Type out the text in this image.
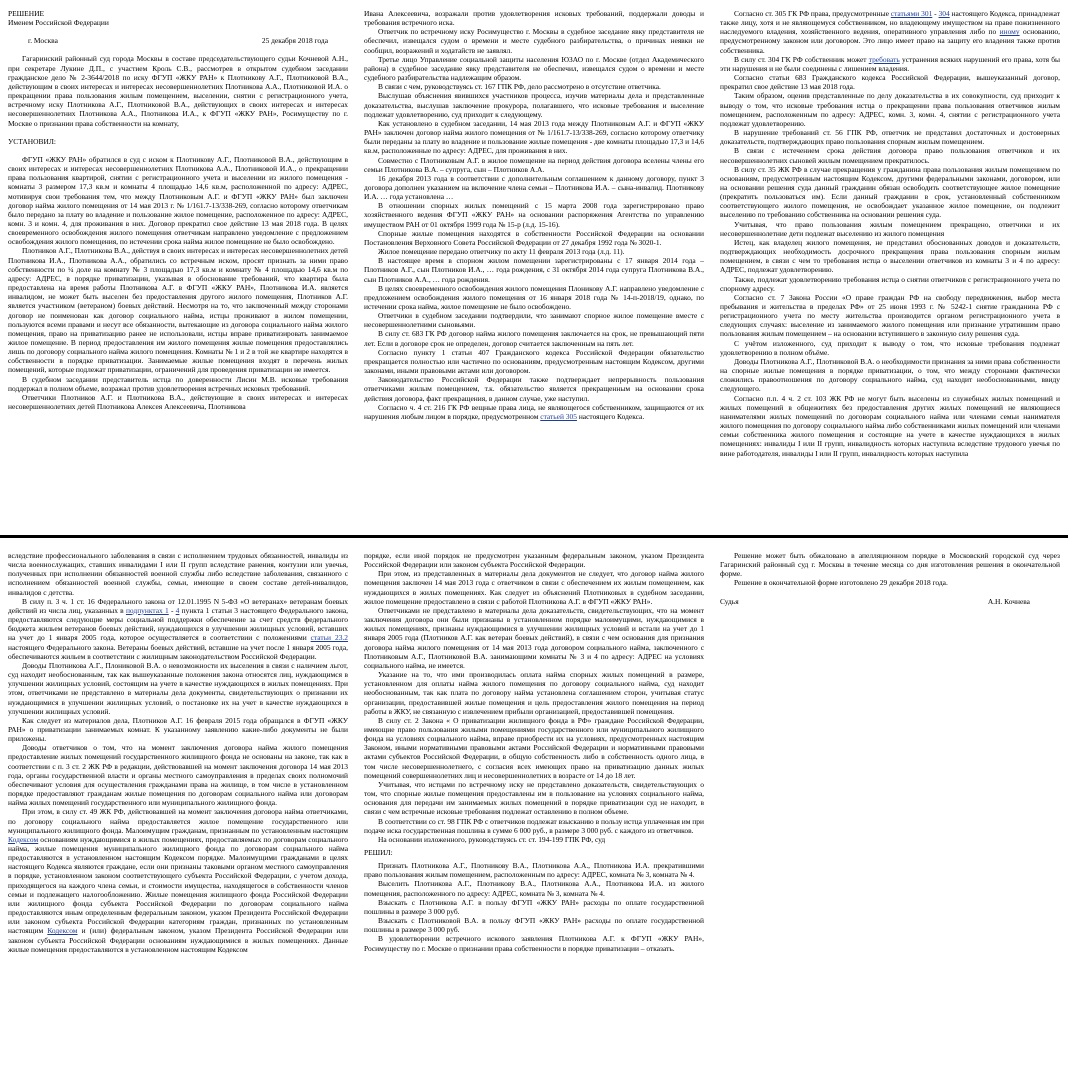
РЕШЕНИЕ

Именем Российской Федерации

г. Москва	25 декабря 2018 года

Гагаринский районный суд города Москвы в составе председательствующего судьи Кочневой А.Н., при секретаре Лукине Д.П., с участием Кроль С.В., рассмотрев в открытом судебном заседании гражданское дело № 2-3644/2018 по иску ФГУП «ЖКУ РАН» к Плотникову А.Г., Плотниковой В.А., действующим в своих интересах и интересах несовершеннолетних Плотникова А.А., Плотниковой И.А. о прекращении права пользования жилым помещением, выселении, снятии с регистрационного учета, встречному иску Плотникова А.Г., Плотниковой В.А., действующих в своих интересах и интересах несовершеннолетних Плотникова А.А., Плотникова И.А., к ФГУП «ЖКУ РАН», Росимуществу по г. Москве о признании права собственности на комнату,

УСТАНОВИЛ:

ФГУП «ЖКУ РАН» обратился в суд с иском к Плотникову А.Г., Плотниковой В.А., действующим в своих интересах и интересах несовершеннолетних Плотникова А.А., Плотниковой И.А., о прекращении права пользования квартирой, снятии с регистрационного учета и выселении из жилого помещения - комнаты 3 размером 17,3 кв.м и комнаты 4 площадью 14,6 кв.м, расположенной по адресу: АДРЕС, мотивируя свои требования тем, что между Плотниковым А.Г. и ФГУП «ЖКУ РАН» был заключен договор найма жилого помещения от 14 мая 2013 г. № 1/161.7-13/338-269, согласно которому ответчикам было передано за плату во владение и пользование жилое помещение, расположенное по адресу: АДРЕС, комн. 3 и комн. 4, для проживания в них. Договор прекратил свое действие 13 мая 2018 года. В целях своевременного освобождения жилого помещения ответчикам направлено уведомление с предложением освобождения жилого помещения, по истечении срока найма жилое помещение не было освобождено.

Плотников А.Г., Плотникова В.А., действуя в своих интересах и интересах несовершеннолетних детей Плотникова И.А., Плотникова А.А., обратились со встречным иском, просят признать за ними право собственности по ¼ доле на комнату № 3 площадью 17,3 кв.м и комнату № 4 площадью 14,6 кв.м по адресу: АДРЕС, в порядке приватизации, указывая в обоснование требований, что квартира была предоставлена на время работы Плотникова А.Г. в ФГУП «ЖКУ РАН», Плотникова И.А. является инвалидом, не может быть выселен без предоставления другого жилого помещения, Плотников А.Г. является участником (ветераном) боевых действий. Несмотря на то, что заключенный между сторонами договор не поименован как договор социального найма, истцы проживают в жилом помещении, пользуются всеми правами и несут все обязанности, вытекающие из договора социального найма жилого помещения, право на приватизацию ранее не использовали, истцы вправе приватизировать занимаемое жилое помещение. В период предоставления им жилого помещения жилые помещения предоставлялись лишь по договору социального найма жилого помещения. Комнаты № 1 и 2 в той же квартире находятся в собственности в порядке приватизации. Занимаемые жилые помещения входят в перечень жилых помещений, которые подлежат приватизации, ограничений для проведения приватизации не имеется.

В судебном заседании представитель истца по доверенности Лисин М.В. исковые требования поддержал в полном объеме, возражал против удовлетворения встречных исковых требований.

Ответчики Плотников А.Г. и Плотникова В.А., действующие в своих интересах и интересах несовершеннолетних детей Плотникова Алексея Алексеевича, Плотникова

Ивана Алексеевича, возражали против удовлетворения исковых требований, поддержали доводы и требования встречного иска.

Ответчик по встречному иску Росимущество г. Москвы в судебное заседание явку представителя не обеспечил, извещался судом о времени и месте судебного разбирательства, о причинах неявки не сообщил, возражений и ходатайств не заявлял.

Третье лицо Управление социальной защиты населения ЮЗАО по г. Москве (отдел Академического района) в судебное заседание явку представителя не обеспечил, извещался судом о времени и месте судебного разбирательства надлежащим образом.

В связи с чем, руководствуясь ст. 167 ГПК РФ, дело рассмотрено в отсутствие ответчика.

Выслушав объяснения явившихся участников процесса, изучив материалы дела и представленные доказательства, выслушав заключение прокурора, полагавшего, что исковые требования и выселение подлежат удовлетворению, суд приходит к следующему.

Как установлено в судебном заседании, 14 мая 2013 года между Плотниковым А.Г. и ФГУП «ЖКУ РАН» заключен договор найма жилого помещения от № 1/161.7-13/338-269, согласно которому ответчику были переданы за плату во владение и пользование жилые помещения - две комнаты площадью 17,3 и 14,6 кв.м, расположенные по адресу: АДРЕС, для проживания в них.

Совместно с Плотниковым А.Г. в жилое помещение на период действия договора вселены члены его семьи Плотникова В.А. – супруга, сын – Плотников А.А.

16 декабря 2013 года в соответствии с дополнительным соглашением к данному договору, пункт 3 договора дополнен указанием на включение члена семьи – Плотникова И.А. – сына-инвалид. Плотникову И.А. … года установлена …

В отношении спорных жилых помещений с 15 марта 2008 года зарегистрировано право хозяйственного ведения ФГУП «ЖКУ РАН» на основании распоряжения Агентства по управлению имуществом РАН от 01 октября 1999 года № 15-р (л.д. 15-16).

Спорные жилые помещения находятся в собственности Российской Федерации на основании Постановления Верховного Совета Российской Федерации от 27 декабря 1992 года № 3020-1.

Жилое помещение передано ответчику по акту 11 февраля 2013 года (л.д. 11).

В настоящее время в спорном жилом помещении зарегистрированы с 17 января 2014 года – Плотников А.Г., сын Плотников И.А., … года рождения, с 31 октября 2014 года супруга Плотникова В.А., сын Плотников А.А., … года рождения.

В целях своевременного освобождения жилого помещения Плоникову А.Г. направлено уведомление с предложением освобождения жилого помещения от 16 января 2018 года № 14-п-2018/19, однако, по истечении срока найма, жилое помещение не было освобождено.

Ответчики в судебном заседании подтвердили, что занимают спорное жилое помещение вместе с несовершеннолетними сыновьями.

В силу ст. 683 ГК РФ договор найма жилого помещения заключается на срок, не превышающий пяти лет. Если в договоре срок не определен, договор считается заключенным на пять лет.

Согласно пункту 1 статьи 407 Гражданского кодекса Российской Федерации обязательство прекращается полностью или частично по основаниям, предусмотренным настоящим Кодексом, другими законами, иными правовыми актами или договором.

Законодательство Российской Федерации также подтверждает непрерывность пользования ответчиками жилым помещением, т.к. обязательство является прекращенным на основании срока действия договора, факт прекращения, в данном случае, уже наступил.

Согласно ч. 4 ст. 216 ГК РФ вещные права лица, не являющегося собственником, защищаются от их нарушения любым лицом в порядке, предусмотренном статьей 305 настоящего Кодекса.

Согласно ст. 305 ГК РФ права, предусмотренные статьями 301 - 304 настоящего Кодекса, принадлежат также лицу, хотя и не являющемуся собственником, но владеющему имуществом на праве пожизненного наследуемого владения, хозяйственного ведения, оперативного управления либо по иному основанию, предусмотренному законом или договором. Это лицо имеет право на защиту его владения также против собственника.

В силу ст. 304 ГК РФ собственник может требовать устранения всяких нарушений его права, хотя бы эти нарушения и не были соединены с лишением владения.

Согласно статьи 683 Гражданского кодекса Российской Федерации, вышеуказанный договор, прекратил свое действие 13 мая 2018 года.

Таким образом, оценив представленные по делу доказательства в их совокупности, суд приходит к выводу о том, что исковые требования истца о прекращении права пользования ответчиков жилым помещением, расположенным по адресу: АДРЕС, комн. 3, комн. 4, снятии с регистрационного учета подлежат удовлетворению.

В нарушение требований ст. 56 ГПК РФ, ответчик не представил достаточных и достоверных доказательств, подтверждающих право пользования спорным жилым помещением.

В связи с истечением срока действия договора право пользования ответчиков и их несовершеннолетних сыновей жилым помещением прекратилось.

В силу ст. 35 ЖК РФ в случае прекращения у гражданина права пользования жилым помещением по основаниям, предусмотренным настоящим Кодексом, другими федеральными законами, договором, или на основании решения суда данный гражданин обязан освободить соответствующее жилое помещение (прекратить пользоваться им). Если данный гражданин в срок, установленный собственником соответствующего жилого помещения, не освобождает указанное жилое помещение, он подлежит выселению по требованию собственника на основании решения суда.

Учитывая, что право пользования жилым помещением прекращено, ответчики и их несовершеннолетние дети подлежат выселению из жилого помещения

Истец, как владелец жилого помещения, не представил обоснованных доводов и доказательств, подтверждающих необходимость досрочного прекращения права пользования спорным жилым помещением, в связи с чем то требования истца о выселении ответчиков из комнаты 3 и 4 по адресу: АДРЕС, подлежат удовлетворению.

Также, подлежат удовлетворению требования истца о снятии ответчиков с регистрационного учета по спорному адресу.

Согласно ст. 7 Закона России «О праве граждан РФ на свободу передвижения, выбор места пребывания и жительства в пределах РФ» от 25 июня 1993 г. № 5242-1 снятие гражданина РФ с регистрационного учета по месту жительства производится органом регистрационного учета в следующих случаях: выселение из занимаемого жилого помещения или признание утратившим право пользования жилым помещением – на основании вступившего в законную силу решения суда.

С учётом изложенного, суд приходит к выводу о том, что исковые требования подлежат удовлетворению в полном объёме.

Доводы Плотникова А.Г., Плотниковой В.А. о необходимости признания за ними права собственности на спорные жилые помещения в порядке приватизации, о том, что между сторонами фактически сложились правоотношения по договору социального найма, суд находит необоснованными, ввиду следующего.

Согласно п.п. 4 ч. 2 ст. 103 ЖК РФ не могут быть выселены из служебных жилых помещений и жилых помещений в общежитиях без предоставления других жилых помещений не являющиеся нанимателями жилых помещений по договорам социального найма или членами семьи нанимателя жилого помещения по договору социального найма либо собственниками жилых помещений или членами семьи собственника жилого помещения и состоящие на учете в качестве нуждающихся в жилых помещениях: инвалиды I или II групп, инвалидность которых наступила вследствие трудового увечья по вине работодателя, инвалиды I или II групп, инвалидность которых наступила

вследствие профессионального заболевания в связи с исполнением трудовых обязанностей, инвалиды из числа военнослужащих, ставших инвалидами I или II групп вследствие ранения, контузии или увечья, полученных при исполнении обязанностей военной службы либо вследствие заболевания, связанного с исполнением обязанностей военной службы, семьи, имеющие в своем составе детей-инвалидов, инвалидов с детства.

В силу п. 3 ч. 1 ст. 16 Федерального закона от 12.01.1995 N 5-ФЗ «О ветеранах» ветеранам боевых действий из числа лиц, указанных в подпунктах 1 - 4 пункта 1 статьи 3 настоящего Федерального закона, предоставляются следующие меры социальной поддержки обеспечение за счет средств федерального бюджета жильем ветеранов боевых действий, нуждающихся в улучшении жилищных условий, вставших на учет до 1 января 2005 года, которое осуществляется в соответствии с положениями статьи 23.2 настоящего Федерального закона. Ветераны боевых действий, вставшие на учет после 1 января 2005 года, обеспечиваются жильем в соответствии с жилищным законодательством Российской Федерации.

Доводы Плотникова А.Г., Плониковой В.А. о невозможности их выселения в связи с наличием льгот, суд находит необоснованным, так как вышеуказанные положения закона относятся лиц, нуждающимся в улучшении жилищных условий, состоящим на учете в качестве нуждающихся в жилых помещениях. При этом, ответчиками не представлено в материалы дела документы, свидетельствующих о признании их нуждающимися в улучшении жилищных условий, о постановке их на учет в качестве нуждающихся в улучшении жилищных условий.

Как следует из материалов дела, Плотников А.Г. 16 февраля 2015 года обращался в ФГУП «ЖКУ РАН» о приватизации занимаемых комнат. К указанному заявлению какие-либо документы не были приложены.

Доводы ответчиков о том, что на момент заключения договора найма жилого помещения предоставление жилых помещений государственного жилищного фонда не основаны на законе, так как в соответствии с п. 3 ст. 2 ЖК РФ в редакции, действовавшей на момент заключения договора 14 мая 2013 года, органы государственной власти и органы местного самоуправления в пределах своих полномочий обеспечивают условия для осуществления гражданами права на жилище, в том числе в установленном порядке предоставляют гражданам жилые помещения по договорам социального найма или договорам найма жилых помещений государственного или муниципального жилищного фонда.

При этом, в силу ст. 49 ЖК РФ, действовавшей на момент заключения договора найма ответчиками, по договору социального найма предоставляется жилое помещение государственного или муниципального жилищного фонда. Малоимущим гражданам, признанным по установленным настоящим Кодексом основаниям нуждающимися в жилых помещениях, предоставляемых по договорам социального найма, жилые помещения муниципального жилищного фонда по договорам социального найма предоставляются в установленном настоящим Кодексом порядке. Малоимущими гражданами в целях настоящего Кодекса являются граждане, если они признаны таковыми органом местного самоуправления в порядке, установленном законом соответствующего субъекта Российской Федерации, с учетом дохода, приходящегося на каждого члена семьи, и стоимости имущества, находящегося в собственности членов семьи и подлежащего налогообложению. Жилые помещения жилищного фонда Российской Федерации или жилищного фонда субъекта Российской Федерации по договорам социального найма предоставляются иным определенным федеральным законом, указом Президента Российской Федерации или законом субъекта Российской Федерации категориям граждан, признанных по установленным настоящим Кодексом и (или) федеральным законом, указом Президента Российской Федерации или законом субъекта Российской Федерации основаниям нуждающимися в жилых помещениях. Данные жилые помещения предоставляются в установленном настоящим Кодексом

порядке, если иной порядок не предусмотрен указанным федеральным законом, указом Президента Российской Федерации или законом субъекта Российской Федерации.

При этом, из представленных в материалы дела документов не следует, что договор найма жилого помещения заключен 14 мая 2013 года с ответчиком в связи с обеспечением их жилым помещением, как нуждающихся в жилых помещениях. Как следует из объяснений Плотниковых в судебном заседании, жилое помещение предоставлено в связи с работой Плотникова А.Г. в ФГУП «ЖКУ РАН».

Ответчиками не представлено в материалы дела доказательств, свидетельствующих, что на момент заключения договора они были признаны в установленном порядке малоимущими, нуждающимися в жилых помещениях, признаны нуждающимися в улучшении жилищных условий и встали на учет до 1 января 2005 года (Плотников А.Г. как ветеран боевых действий), в связи с чем основания для признания договора найма жилого помещения от 14 мая 2013 года договором социального найма, заключенного с Плотниковым А.Г., Плотниковой В.А. занимающими комнаты № 3 и 4 по адресу: АДРЕС на условиях социального найма, не имеется.

Указание на то, что ими производилась оплата найма спорных жилых помещений в размере, установленном для оплаты найма жилого помещения по договору социального найма, суд находит необоснованным, так как плата по договору найма установлена соглашением сторон, учитывая статус организации, предоставившей жилые помещения и цель предоставления жилого помещения на период работы в ЖКУ, не связанную с извлечением прибыли организацией, предоставившей помещения.

В силу ст. 2 Закона « О приватизации жилищного фонда в РФ» граждане Российской Федерации, имеющие право пользования жилыми помещениями государственного или муниципального жилищного фонда на условиях социального найма, вправе приобрести их на условиях, предусмотренных настоящим Законом, иными нормативными правовыми актами Российской Федерации и нормативными правовыми актами субъектов Российской Федерации, в общую собственность либо в собственность одного лица, в том числе несовершеннолетнего, с согласия всех имеющих право на приватизацию данных жилых помещений совершеннолетних лиц и несовершеннолетних в возрасте от 14 до 18 лет.

Учитывая, что истцами по встречному иску не представлено доказательств, свидетельствующих о том, что спорные жилые помещения предоставлены им в пользование на условиях социального найма, основания для передачи им занимаемых жилых помещений в порядке приватизации суд не находит, в связи с чем встречные исковые требования подлежат оставлению в полном объеме.

В соответствии со ст. 98 ГПК РФ с ответчиков подлежат взысканию в пользу истца уплаченная им при подаче иска государственная пошлина в сумме 6 000 руб., в размере 3 000 руб. с каждого из ответчиков.

На основании изложенного, руководствуясь ст. ст. 194-199 ГПК РФ, суд

РЕШИЛ:

Признать Плотникова А.Г., Плотникову В.А., Плотникова А.А., Плотникова И.А. прекратившими право пользования жилым помещением, расположенным по адресу: АДРЕС, комната № 3, комната № 4.

Выселить Плотникова А.Г., Плотникову В.А., Плотникова А.А., Плотникова И.А. из жилого помещения, расположенного по адресу: АДРЕС, комната № 3, комната № 4.

Взыскать с Плотникова А.Г. в пользу ФГУП «ЖКУ РАН» расходы по оплате государственной пошлины в размере 3 000 руб.

Взыскать с Плотниковой В.А. в пользу ФГУП «ЖКУ РАН» расходы по оплате государственной пошлины в размере 3 000 руб.

В удовлетворении встречного искового заявления Плотникова А.Г. к ФГУП «ЖКУ РАН», Росимуществу по г. Москве о признании права собственности в порядке приватизации – отказать.

Решение может быть обжаловано в апелляционном порядке в Московский городской суд через Гагаринский районный суд г. Москвы в течение месяца со дня изготовления решения в окончательной форме.

Решение в окончательной форме изготовлено 29 декабря 2018 года.

Судья	А.Н. Кочнева
